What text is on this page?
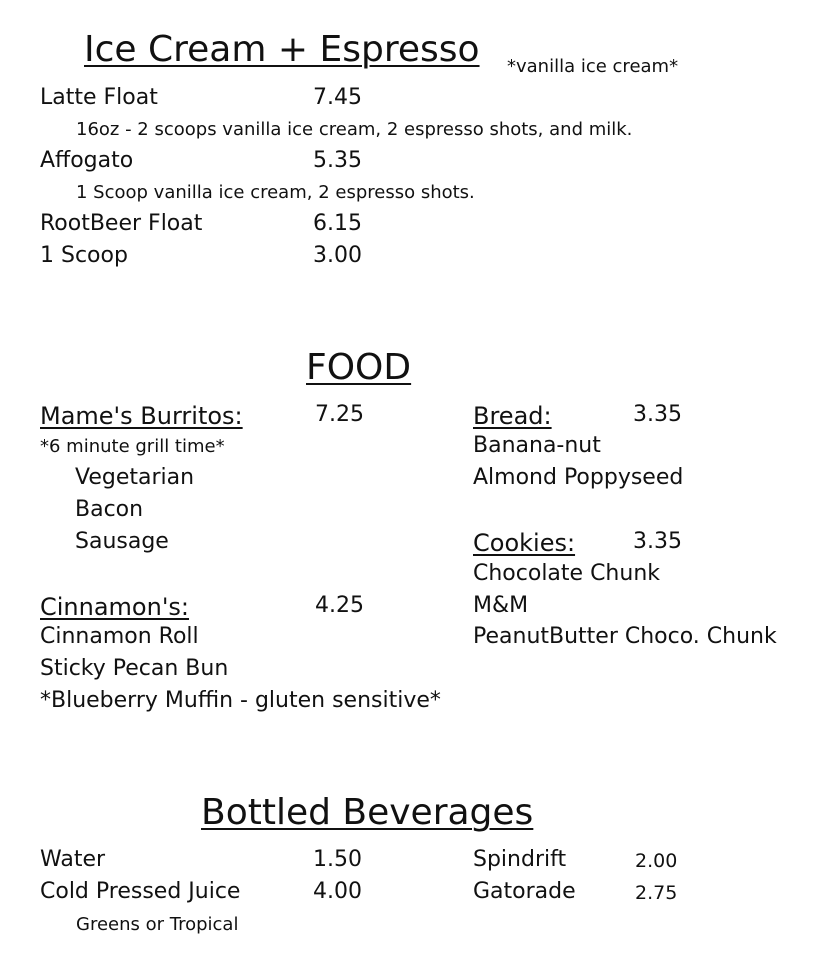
Ice Cream + Espresso *vanilla ice cream*
Latte Float	7.45
16oz - 2 scoops vanilla ice cream, 2 espresso shots, and milk.
Affogato	5.35
1 Scoop vanilla ice cream, 2 espresso shots.
RootBeer Float	6.15
1 Scoop	3.00
FOOD
Mame's Burritos:	7.25
*6 minute grill time*
Vegetarian
Bacon
Sausage
Cinnamon's:	4.25
Cinnamon Roll
Sticky Pecan Bun
*Blueberry Muffin - gluten sensitive*
Bread:	3.35
Banana-nut
Almond Poppyseed
Cookies:	3.35
Chocolate Chunk
M&M
PeanutButter Choco. Chunk
Bottled Beverages
Water	1.50
Cold Pressed Juice	4.00
Greens or Tropical
Spindrift	2.00
Gatorade	2.75
